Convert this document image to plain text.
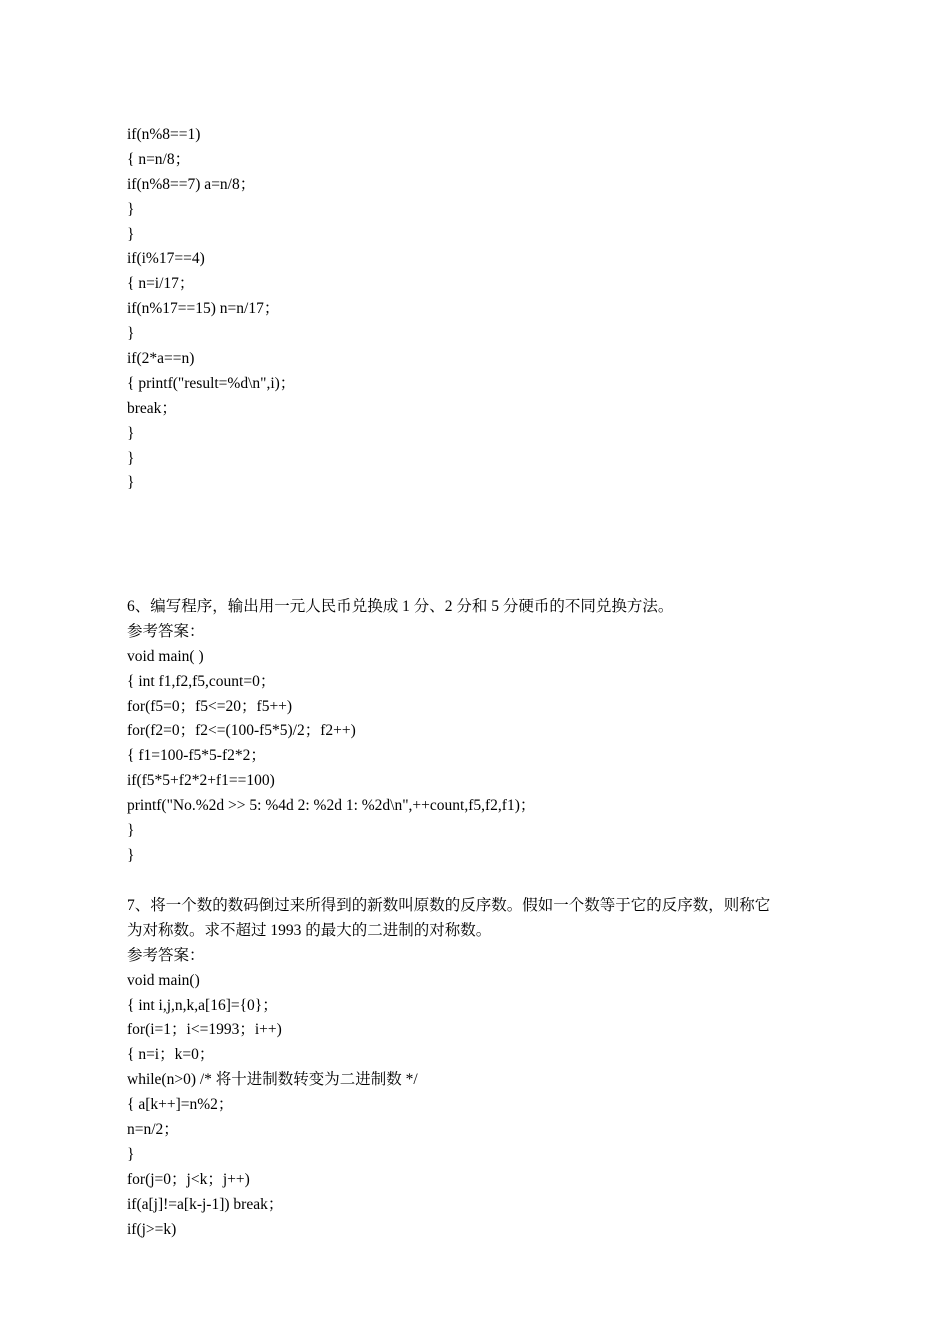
if(n%8==1)
{ n=n/8；
if(n%8==7) a=n/8；
}
}
if(i%17==4)
{ n=i/17；
if(n%17==15) n=n/17；
}
if(2*a==n)
{ printf("result=%d\n",i)；
break；
}
}
}
6、编写程序，输出用一元人民币兑换成 1 分、2 分和 5 分硬币的不同兑换方法。
参考答案：
void main( )
{ int f1,f2,f5,count=0；
for(f5=0；f5<=20；f5++)
for(f2=0；f2<=(100-f5*5)/2；f2++)
{ f1=100-f5*5-f2*2；
if(f5*5+f2*2+f1==100)
printf("No.%2d >> 5: %4d 2: %2d 1: %2d\n",++count,f5,f2,f1)；
}
}
7、将一个数的数码倒过来所得到的新数叫原数的反序数。假如一个数等于它的反序数，则称它
为对称数。求不超过 1993 的最大的二进制的对称数。
参考答案：
void main()
{ int i,j,n,k,a[16]={0}；
for(i=1；i<=1993；i++)
{ n=i；k=0；
while(n>0) /* 将十进制数转变为二进制数 */
{ a[k++]=n%2；
n=n/2；
}
for(j=0；j<k；j++)
if(a[j]!=a[k-j-1]) break；
if(j>=k)
